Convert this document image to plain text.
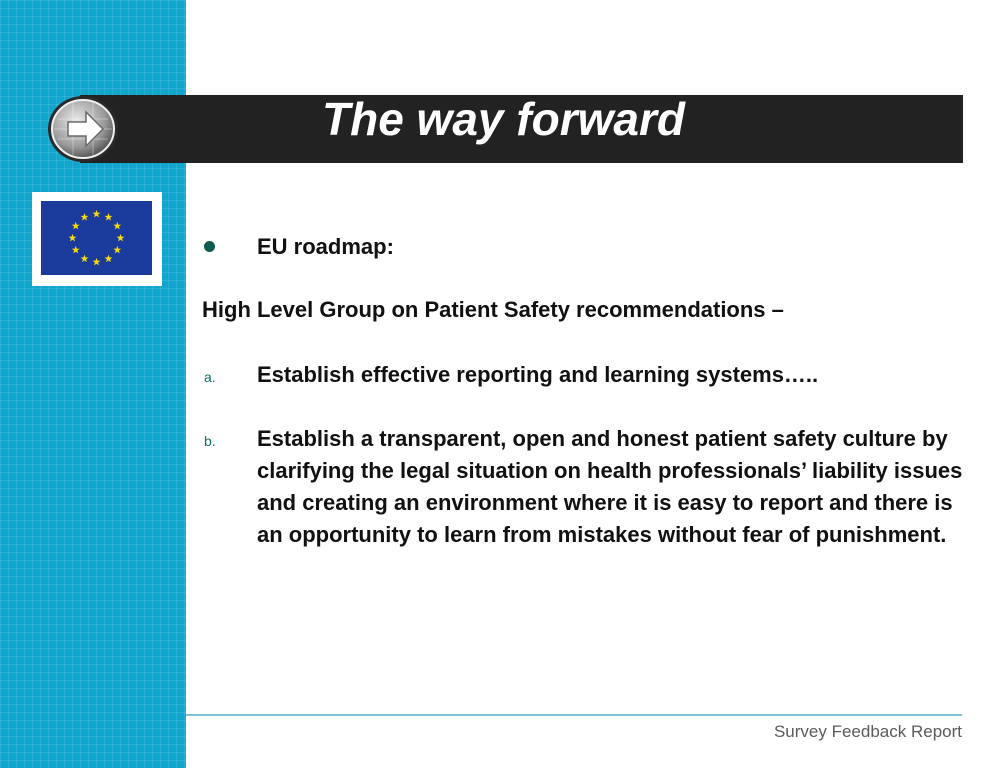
The way forward
EU roadmap:
High Level Group on Patient Safety recommendations –
a. Establish effective reporting and learning systems…..
b. Establish a transparent, open and honest patient safety culture by clarifying the legal situation on health professionals’ liability issues and creating an environment where it is easy to report and there is an opportunity to learn from mistakes without fear of punishment.
Survey Feedback Report
